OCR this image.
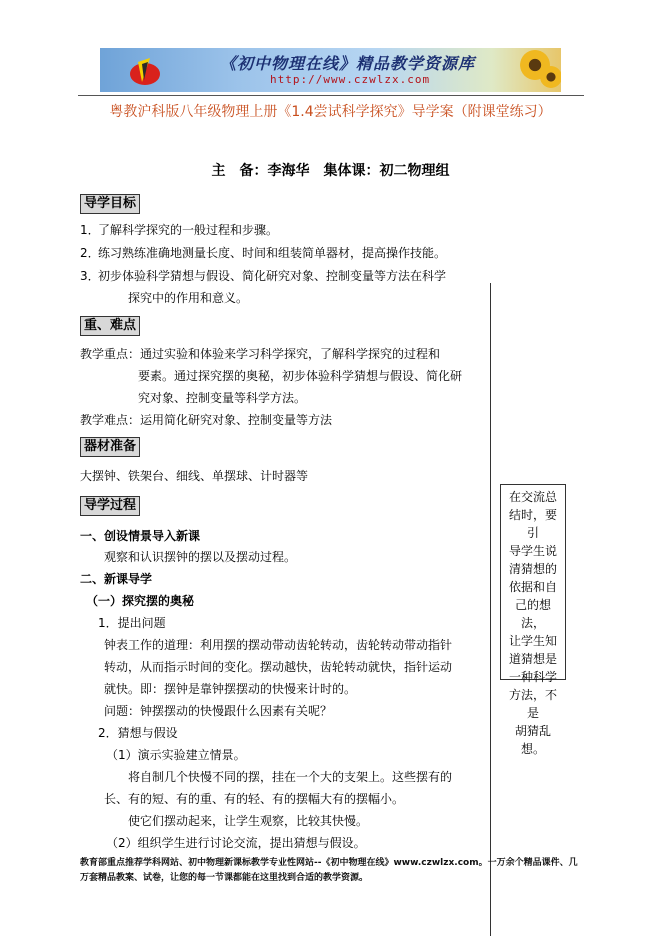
《初中物理在线》精品教学资源库
http://www.czwlzx.com
粤教沪科版八年级物理上册《1.4尝试科学探究》导学案（附课堂练习）
主　备：李海华　集体课：初二物理组
导学目标
1．了解科学探究的一般过程和步骤。
2．练习熟练准确地测量长度、时间和组装简单器材，提高操作技能。
3．初步体验科学猜想与假设、简化研究对象、控制变量等方法在科学
探究中的作用和意义。
重、难点
教学重点：通过实验和体验来学习科学探究，了解科学探究的过程和
要素。通过探究摆的奥秘，初步体验科学猜想与假设、简化研
究对象、控制变量等科学方法。
教学难点：运用简化研究对象、控制变量等方法
器材准备
大摆钟、铁架台、细线、单摆球、计时器等
导学过程
一、创设情景导入新课
观察和认识摆钟的摆以及摆动过程。
二、新课导学
（一）探究摆的奥秘
1．提出问题
钟表工作的道理：利用摆的摆动带动齿轮转动，齿轮转动带动指针
转动，从而指示时间的变化。摆动越快，齿轮转动就快，指针运动
就快。即：摆钟是靠钟摆摆动的快慢来计时的。
问题：钟摆摆动的快慢跟什么因素有关呢？
2．猜想与假设
（1）演示实验建立情景。
将自制几个快慢不同的摆，挂在一个大的支架上。这些摆有的
长、有的短、有的重、有的轻、有的摆幅大有的摆幅小。
使它们摆动起来，让学生观察，比较其快慢。
（2）组织学生进行讨论交流，提出猜想与假设。
在交流总
结时，要引
导学生说
清猜想的
依据和自
己的想法，
让学生知
道猜想是
一种科学
方法，不是
胡猜乱想。
教育部重点推荐学科网站、初中物理新课标教学专业性网站--《初中物理在线》www.czwlzx.com。一万余个精品课件、几万套精品教案、试卷，让您的每一节课都能在这里找到合适的教学资源。
